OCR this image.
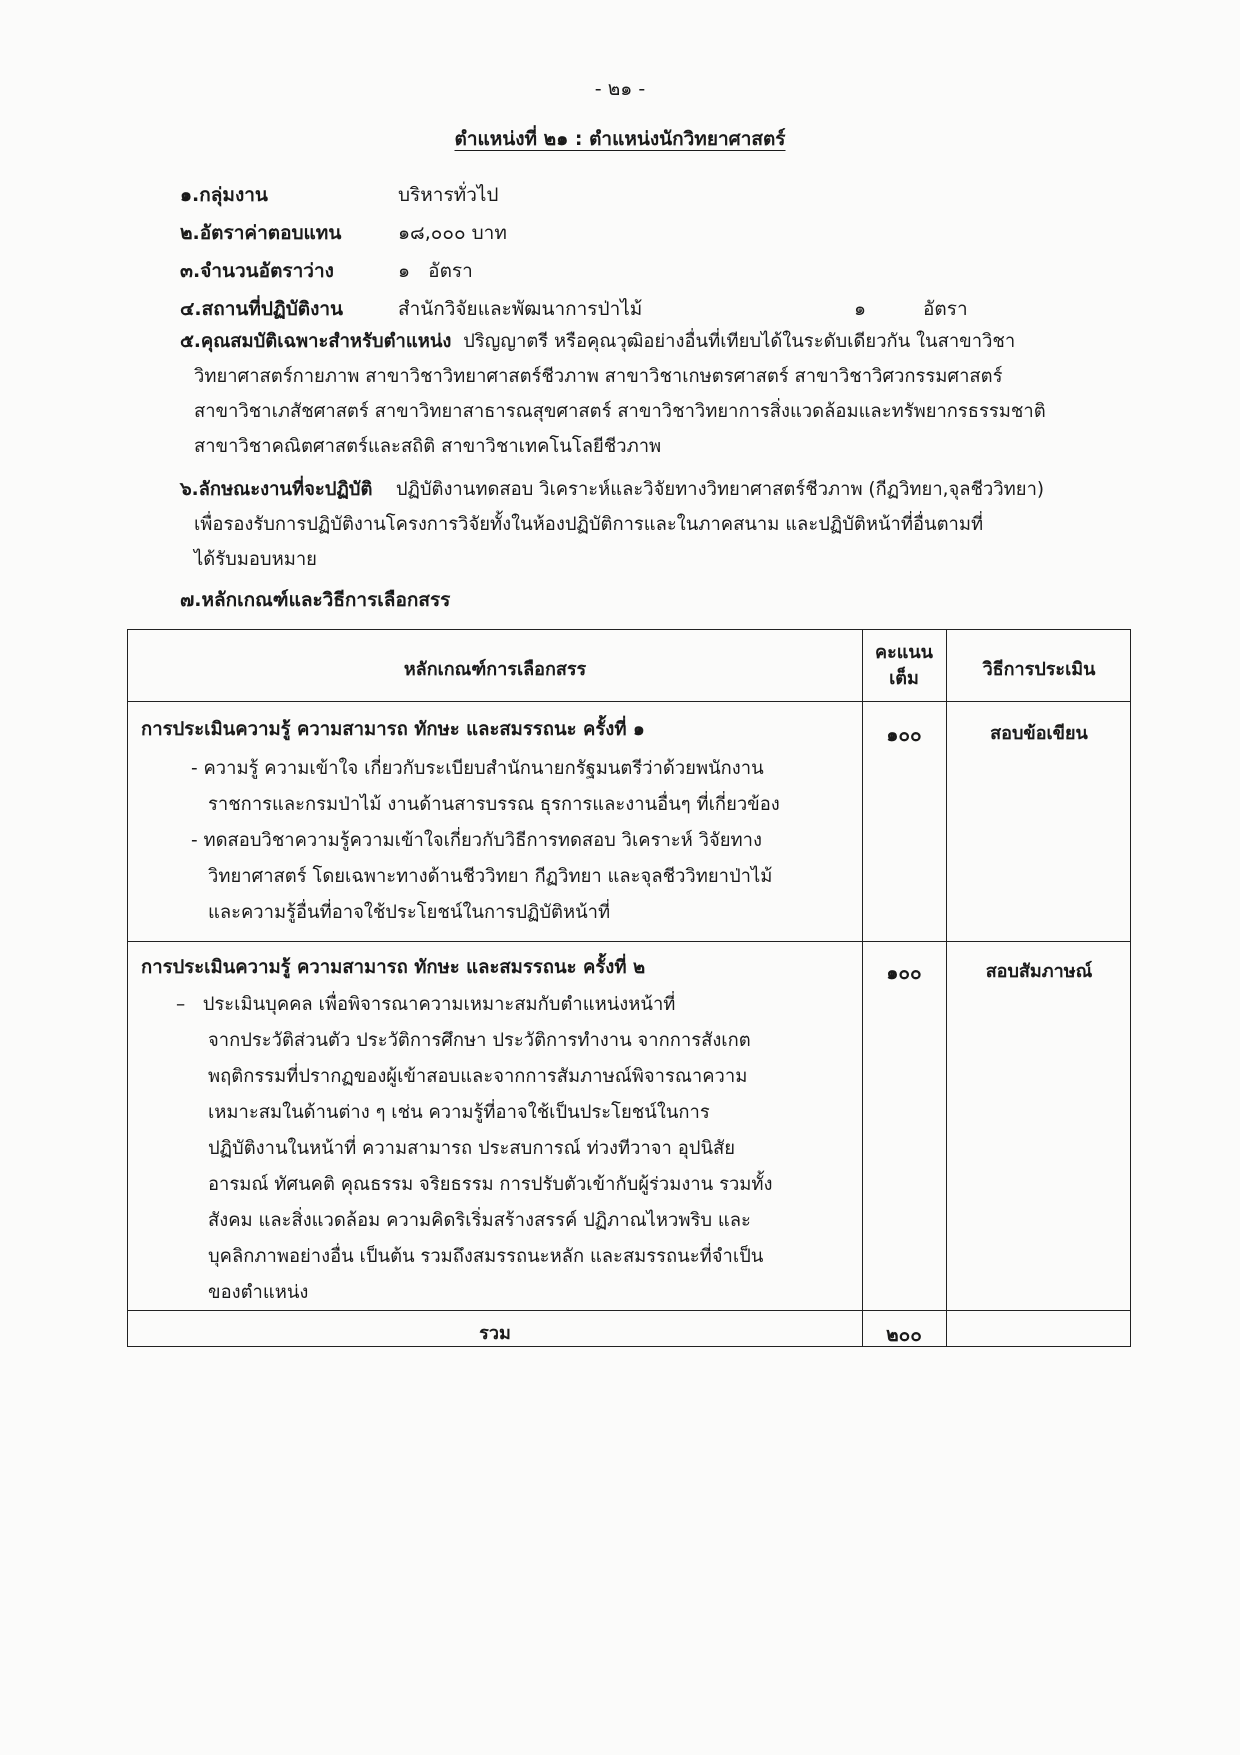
- ๒๑ -
ตำแหน่งที่ ๒๑ : ตำแหน่งนักวิทยาศาสตร์
๑.กลุ่มงาน	บริหารทั่วไป
๒.อัตราค่าตอบแทน	๑๘,๐๐๐ บาท
๓.จำนวนอัตราว่าง	๑   อัตรา
๔.สถานที่ปฏิบัติงาน	สำนักวิจัยและพัฒนาการป่าไม้	๑	อัตรา
๕.คุณสมบัติเฉพาะสำหรับตำแหน่ง ปริญญาตรี หรือคุณวุฒิอย่างอื่นที่เทียบได้ในระดับเดียวกัน ในสาขาวิชา
วิทยาศาสตร์กายภาพ สาขาวิชาวิทยาศาสตร์ชีวภาพ สาขาวิชาเกษตรศาสตร์ สาขาวิชาวิศวกรรมศาสตร์
สาขาวิชาเภสัชศาสตร์ สาขาวิทยาสาธารณสุขศาสตร์ สาขาวิชาวิทยาการสิ่งแวดล้อมและทรัพยากรธรรมชาติ
สาขาวิชาคณิตศาสตร์และสถิติ สาขาวิชาเทคโนโลยีชีวภาพ
๖.ลักษณะงานที่จะปฏิบัติ ปฏิบัติงานทดสอบ วิเคราะห์และวิจัยทางวิทยาศาสตร์ชีวภาพ (กีฏวิทยา,จุลชีววิทยา)
เพื่อรองรับการปฏิบัติงานโครงการวิจัยทั้งในห้องปฏิบัติการและในภาคสนาม และปฏิบัติหน้าที่อื่นตามที่
ได้รับมอบหมาย
๗.หลักเกณฑ์และวิธีการเลือกสรร
หลักเกณฑ์การเลือกสรร
คะแนน
เต็ม	วิธีการประเมิน
การประเมินความรู้ ความสามารถ ทักษะ และสมรรถนะ ครั้งที่ ๑
- ความรู้ ความเข้าใจ เกี่ยวกับระเบียบสำนักนายกรัฐมนตรีว่าด้วยพนักงาน
ราชการและกรมป่าไม้ งานด้านสารบรรณ ธุรการและงานอื่นๆ ที่เกี่ยวข้อง
- ทดสอบวิชาความรู้ความเข้าใจเกี่ยวกับวิธีการทดสอบ วิเคราะห์ วิจัยทาง
วิทยาศาสตร์ โดยเฉพาะทางด้านชีววิทยา กีฏวิทยา และจุลชีววิทยาป่าไม้
และความรู้อื่นที่อาจใช้ประโยชน์ในการปฏิบัติหน้าที่
๑๐๐	สอบข้อเขียน
การประเมินความรู้ ความสามารถ ทักษะ และสมรรถนะ ครั้งที่ ๒
–   ประเมินบุคคล เพื่อพิจารณาความเหมาะสมกับตำแหน่งหน้าที่
จากประวัติส่วนตัว ประวัติการศึกษา ประวัติการทำงาน จากการสังเกต
พฤติกรรมที่ปรากฏของผู้เข้าสอบและจากการสัมภาษณ์พิจารณาความ
เหมาะสมในด้านต่าง ๆ เช่น ความรู้ที่อาจใช้เป็นประโยชน์ในการ
ปฏิบัติงานในหน้าที่ ความสามารถ ประสบการณ์ ท่วงทีวาจา อุปนิสัย
อารมณ์ ทัศนคติ คุณธรรม จริยธรรม การปรับตัวเข้ากับผู้ร่วมงาน รวมทั้ง
สังคม และสิ่งแวดล้อม ความคิดริเริ่มสร้างสรรค์ ปฏิภาณไหวพริบ และ
บุคลิกภาพอย่างอื่น เป็นต้น รวมถึงสมรรถนะหลัก และสมรรถนะที่จำเป็น
ของตำแหน่ง
๑๐๐	สอบสัมภาษณ์
รวม	๒๐๐
